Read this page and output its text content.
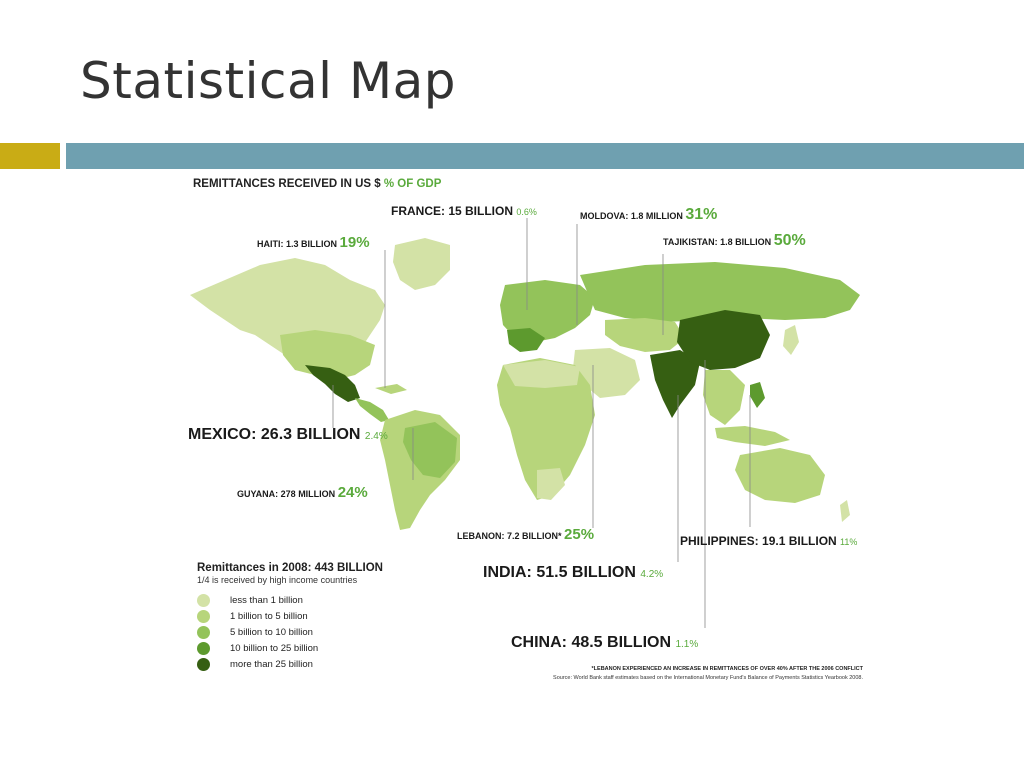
Statistical Map
REMITTANCES RECEIVED IN US $ % OF GDP
FRANCE: 15 BILLION 0.6%	MOLDOVA: 1.8 MILLION 31%
HAITI: 1.3 BILLION 19%	TAJIKISTAN: 1.8 BILLION 50%
MEXICO: 26.3 BILLION 2.4%
GUYANA: 278 MILLION 24%
LEBANON: 7.2 BILLION* 25%	PHILIPPINES: 19.1 BILLION 11%
INDIA: 51.5 BILLION 4.2%
CHINA: 48.5 BILLION 1.1%
Remittances in 2008: 443 BILLION
1/4 is received by high income countries
less than 1 billion
1 billion to 5 billion
5 billion to 10 billion
10 billion to 25 billion
more than 25 billion	*LEBANON EXPERIENCED AN INCREASE IN REMITTANCES OF OVER 40% AFTER THE 2006 CONFLICT
Source: World Bank staff estimates based on the International Monetary Fund's Balance of Payments Statistics Yearbook 2008.
